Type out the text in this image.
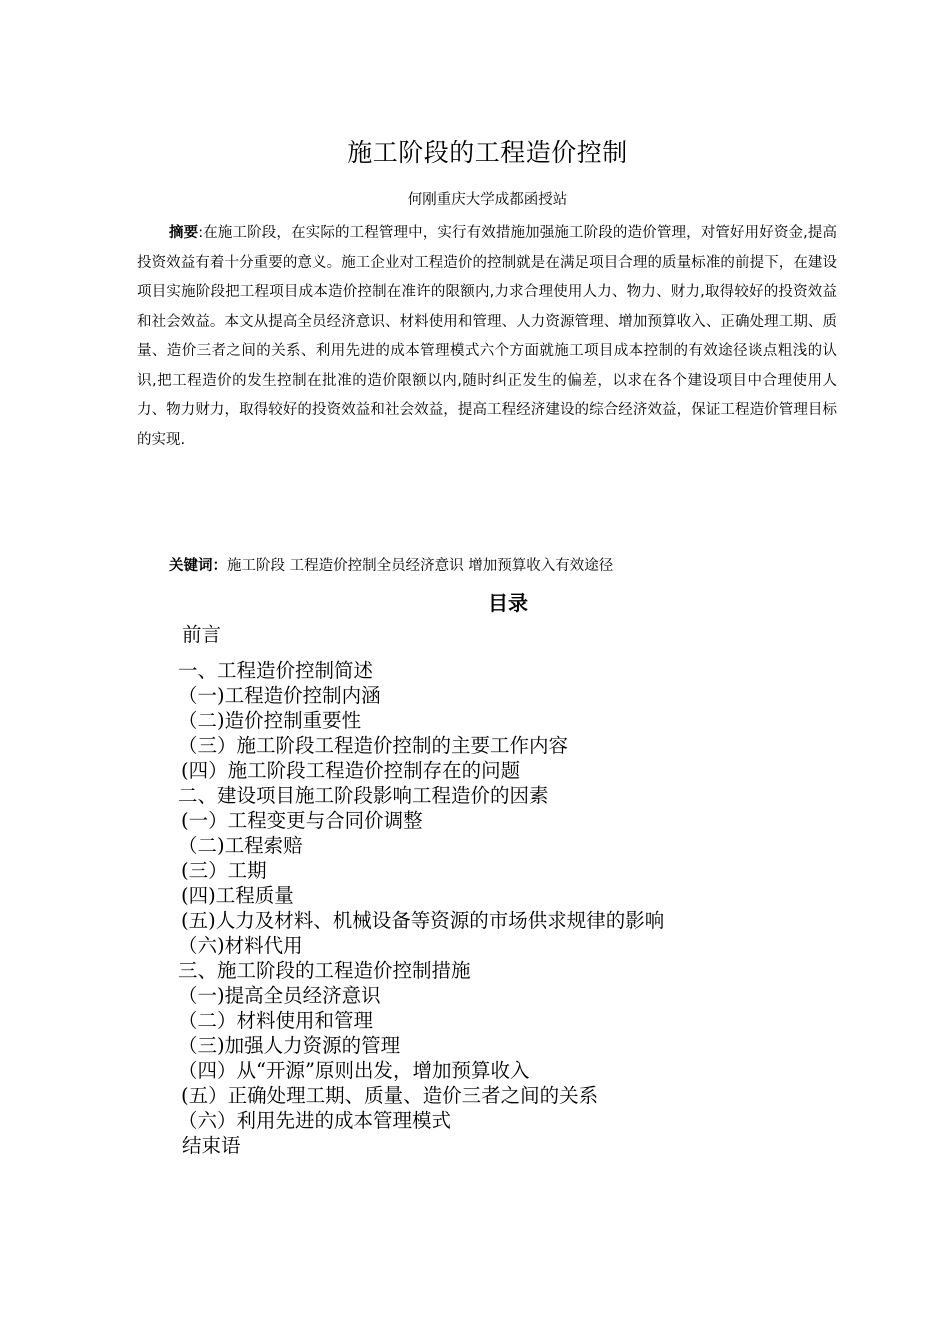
施工阶段的工程造价控制
何刚重庆大学成都函授站
摘要:在施工阶段，在实际的工程管理中，实行有效措施加强施工阶段的造价管理，对管好用好资金,提高投资效益有着十分重要的意义。施工企业对工程造价的控制就是在满足项目合理的质量标准的前提下，在建设项目实施阶段把工程项目成本造价控制在准许的限额内,力求合理使用人力、物力、财力,取得较好的投资效益和社会效益。本文从提高全员经济意识、材料使用和管理、人力资源管理、增加预算收入、正确处理工期、质量、造价三者之间的关系、利用先进的成本管理模式六个方面就施工项目成本控制的有效途径谈点粗浅的认识,把工程造价的发生控制在批准的造价限额以内,随时纠正发生的偏差，以求在各个建设项目中合理使用人力、物力财力，取得较好的投资效益和社会效益，提高工程经济建设的综合经济效益，保证工程造价管理目标的实现.
关键词：施工阶段 工程造价控制全员经济意识 增加预算收入有效途径
目录
前言
一、工程造价控制简述
（一)工程造价控制内涵
（二)造价控制重要性
（三）施工阶段工程造价控制的主要工作内容
(四）施工阶段工程造价控制存在的问题
二、建设项目施工阶段影响工程造价的因素
(一）工程变更与合同价调整
（二)工程索赔
(三）工期
(四)工程质量
(五)人力及材料、机械设备等资源的市场供求规律的影响
（六)材料代用
三、施工阶段的工程造价控制措施
（一)提高全员经济意识
（二）材料使用和管理
（三)加强人力资源的管理
（四）从“开源”原则出发，增加预算收入
(五）正确处理工期、质量、造价三者之间的关系
（六）利用先进的成本管理模式
结束语
